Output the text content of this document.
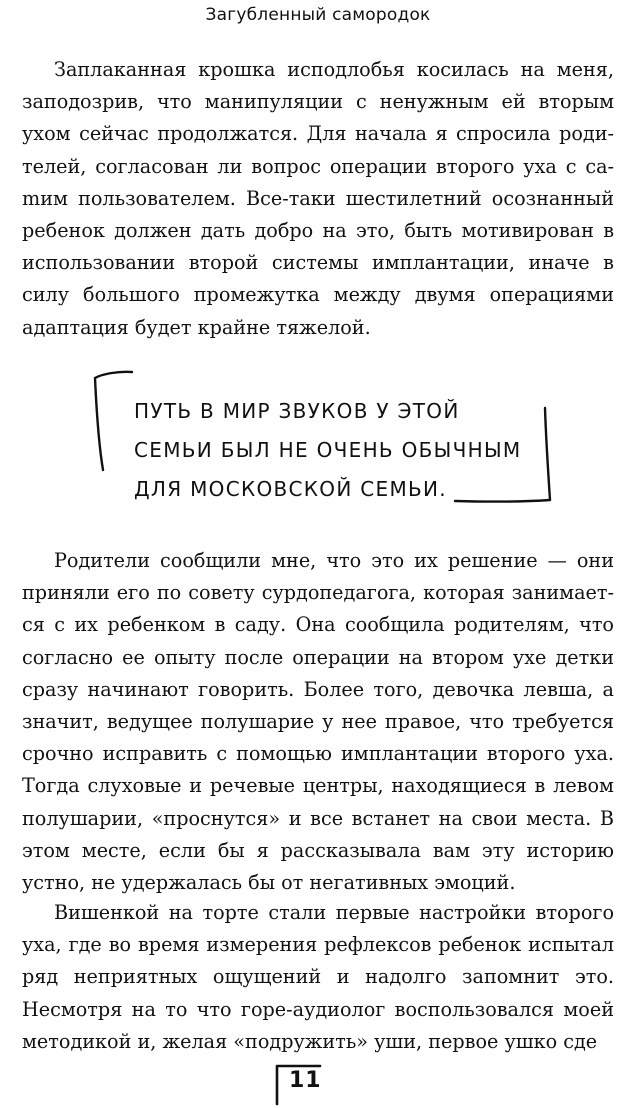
Загубленный самородок

Заплаканная крошка исподлобья косилась на меня, заподозрив, что манипуляции с ненужным ей вторым ухом сейчас продолжатся. Для начала я спросила родителей, согласован ли вопрос операции второго уха с саmим пользователем. Все-таки шестилетний осознанный ребенок должен дать добро на это, быть мотивирован в использовании второй системы имплантации, иначе в силу большого промежутка между двумя операциями адаптация будет крайне тяжелой.

ПУТЬ В МИР ЗВУКОВ У ЭТОЙ
СЕМЬИ БЫЛ НЕ ОЧЕНЬ ОБЫЧНЫМ
ДЛЯ МОСКОВСКОЙ СЕМЬИ.

Родители сообщили мне, что это их решение — они приняли его по совету сурдопедагога, которая занимается с их ребенком в саду. Она сообщила родителям, что согласно ее опыту после операции на втором ухе детки сразу начинают говорить. Более того, девочка левша, а значит, ведущее полушарие у нее правое, что требуется срочно исправить с помощью имплантации второго уха. Тогда слуховые и речевые центры, находящиеся в левом полушарии, «проснутся» и все встанет на свои места. В этом месте, если бы я рассказывала вам эту историю устно, не удержалась бы от негативных эмоций.

Вишенкой на торте стали первые настройки второго уха, где во время измерения рефлексов ребенок испытал ряд неприятных ощущений и надолго запомнит это. Несмотря на то что горе-аудиолог воспользовался моей методикой и, желая «подружить» уши, первое ушко сде

11
